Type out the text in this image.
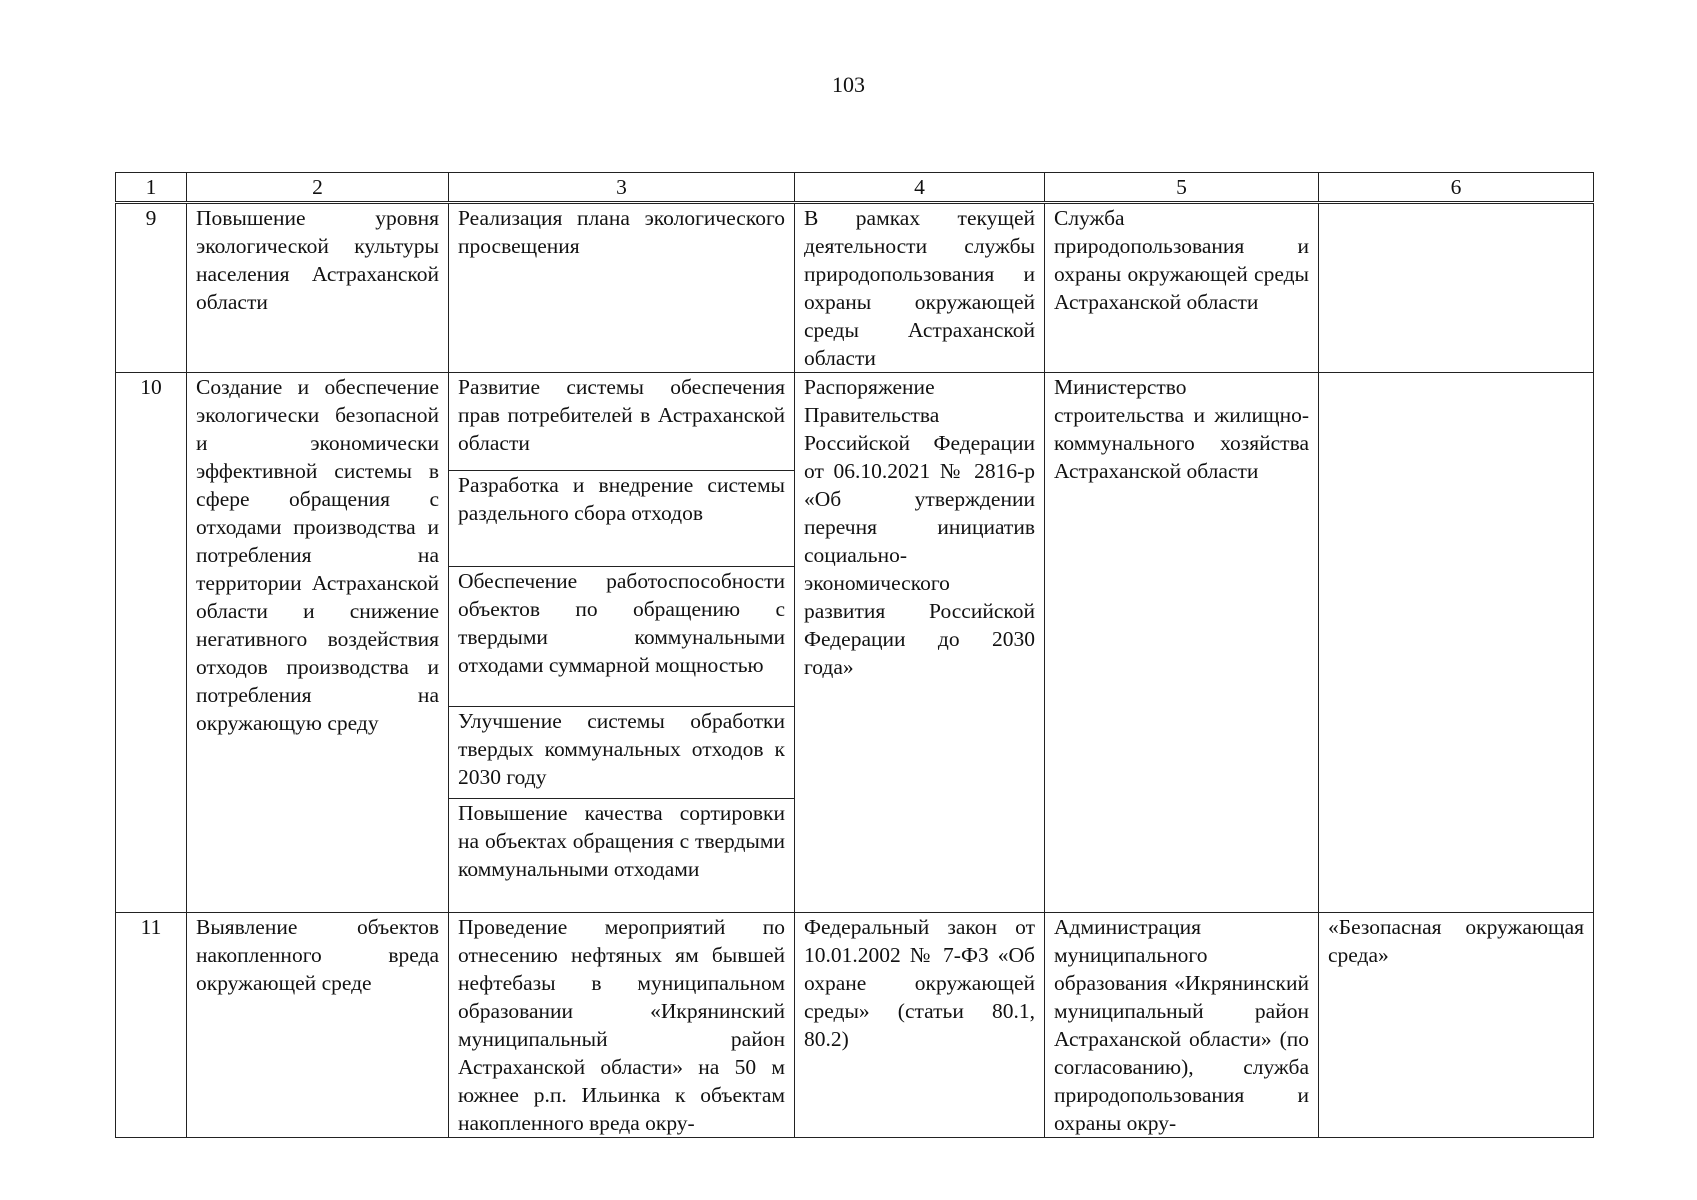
103
1	2	3	4	5	6
9	Повышение уровня экологической культуры населения Астраханской области	Реализация плана экологического просвещения	В рамках текущей деятельности службы природопользования и охраны окружающей среды Астраханской области	Служба природопользования и охраны окружающей среды Астраханской области	
10	Создание и обеспечение экологически безопасной и экономически эффективной системы в сфере обращения с отходами производства и потребления на территории Астраханской области и снижение негативного воздействия отходов производства и потребления на окружающую среду	Развитие системы обеспечения прав потребителей в Астраханской области	Распоряжение Правительства Российской Федерации от 06.10.2021 № 2816-р «Об утверждении перечня инициатив социально-экономического развития Российской Федерации до 2030 года»	Министерство строительства и жилищно-коммунального хозяйства Астраханской области	
		Разработка и внедрение системы раздельного сбора отходов			
		Обеспечение работоспособности объектов по обращению с твердыми коммунальными отходами суммарной мощностью			
		Улучшение системы обработки твердых коммунальных отходов к 2030 году			
		Повышение качества сортировки на объектах обращения с твердыми коммунальными отходами			
11	Выявление объектов накопленного вреда окружающей среде	Проведение мероприятий по отнесению нефтяных ям бывшей нефтебазы в муниципальном образовании «Икрянинский муниципальный район Астраханской области» на 50 м южнее р.п. Ильинка к объектам накопленного вреда окру-	Федеральный закон от 10.01.2002 № 7-ФЗ «Об охране окружающей среды» (статьи 80.1, 80.2)	Администрация муниципального образования «Икрянинский муниципальный район Астраханской области» (по согласованию), служба природопользования и охраны окру-	«Безопасная окружающая среда»
